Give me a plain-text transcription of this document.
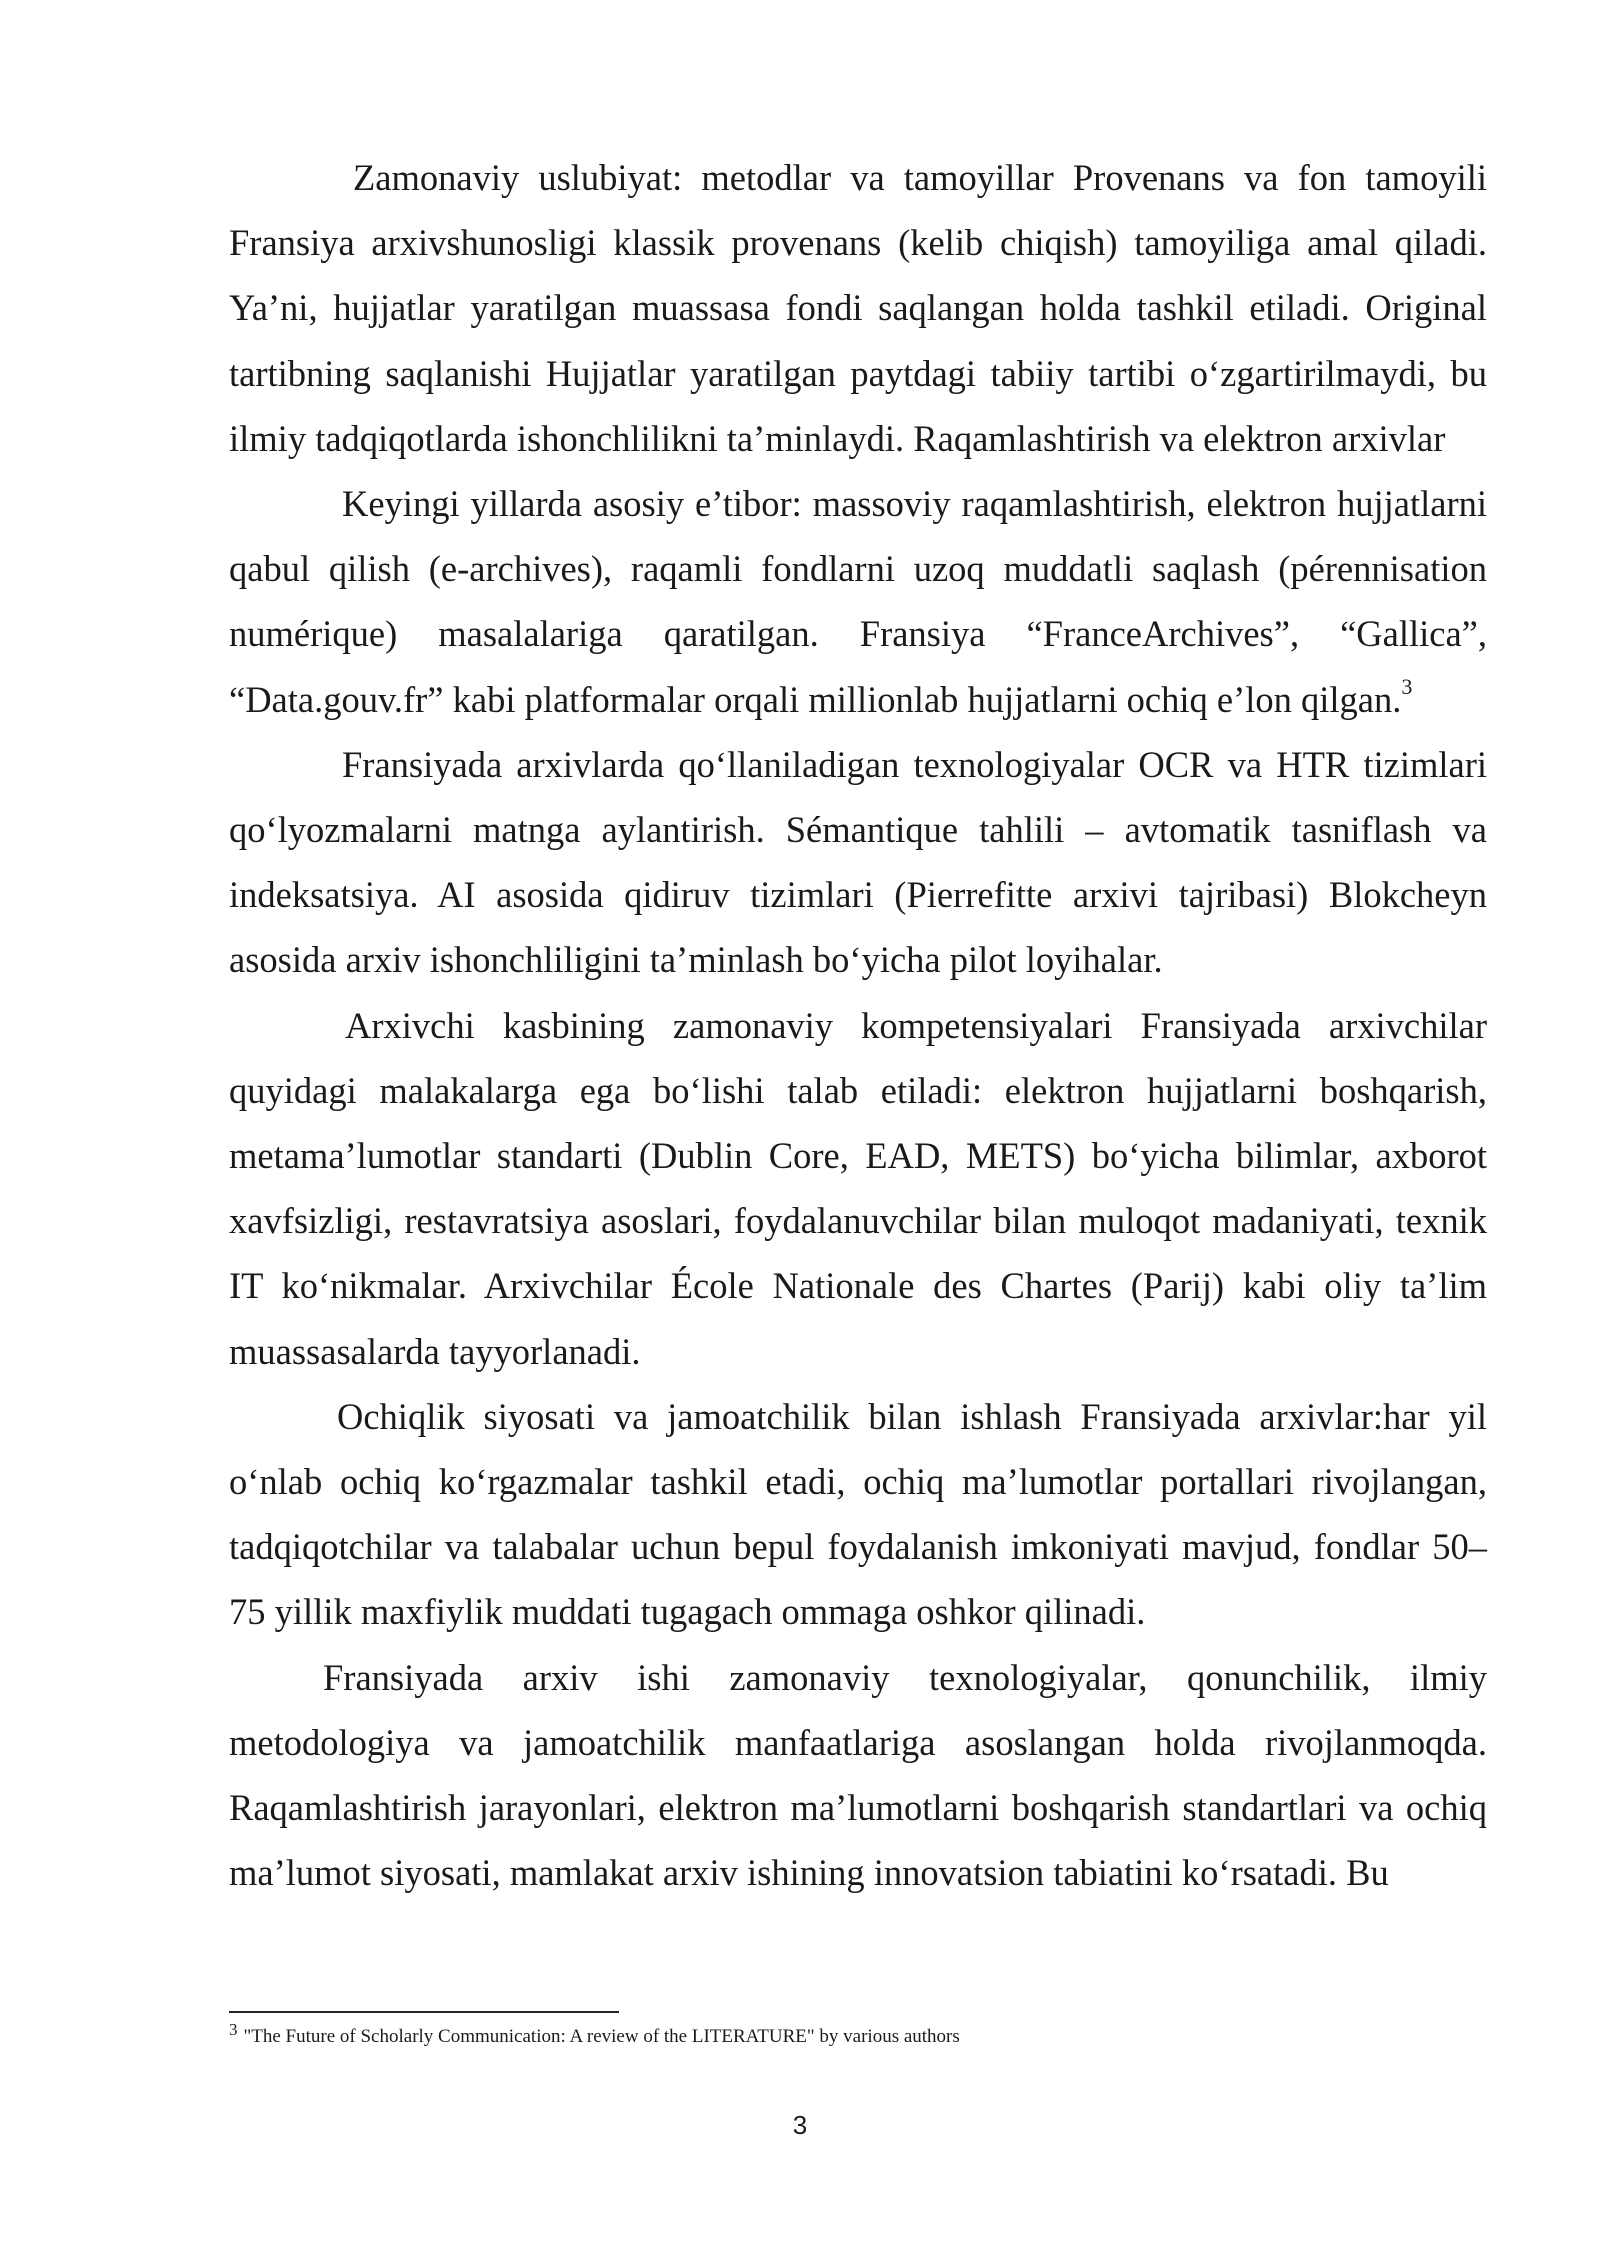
Zamonaviy uslubiyat: metodlar va tamoyillar Provenans va fon tamoyili Fransiya arxivshunosligi klassik provenans (kelib chiqish) tamoyiliga amal qiladi. Ya’ni, hujjatlar yaratilgan muassasa fondi saqlangan holda tashkil etiladi. Original tartibning saqlanishi Hujjatlar yaratilgan paytdagi tabiiy tartibi o‘zgartirilmaydi, bu ilmiy tadqiqotlarda ishonchlilikni ta’minlaydi. Raqamlashtirish va elektron arxivlar

Keyingi yillarda asosiy e’tibor: massoviy raqamlashtirish, elektron hujjatlarni qabul qilish (e-archives), raqamli fondlarni uzoq muddatli saqlash (pérennisation numérique) masalalariga qaratilgan. Fransiya “FranceArchives”, “Gallica”, “Data.gouv.fr” kabi platformalar orqali millionlab hujjatlarni ochiq e’lon qilgan.$^3$

Fransiyada arxivlarda qo‘llaniladigan texnologiyalar OCR va HTR tizimlari qo‘lyozmalarni matnga aylantirish. Sémantique tahlili – avtomatik tasniflash va indeksatsiya. AI asosida qidiruv tizimlari (Pierrefitte arxivi tajribasi) Blokcheyn asosida arxiv ishonchliligini ta’minlash bo‘yicha pilot loyihalar.

Arxivchi kasbining zamonaviy kompetensiyalari Fransiyada arxivchilar quyidagi malakalarga ega bo‘lishi talab etiladi: elektron hujjatlarni boshqarish, metama’lumotlar standarti (Dublin Core, EAD, METS) bo‘yicha bilimlar, axborot xavfsizligi, restavratsiya asoslari, foydalanuvchilar bilan muloqot madaniyati, texnik IT ko‘nikmalar. Arxivchilar École Nationale des Chartes (Parij) kabi oliy ta’lim muassasalarda tayyorlanadi.

Ochiqlik siyosati va jamoatchilik bilan ishlash Fransiyada arxivlar:har yil o‘nlab ochiq ko‘rgazmalar tashkil etadi, ochiq ma’lumotlar portallari rivojlangan, tadqiqotchilar va talabalar uchun bepul foydalanish imkoniyati mavjud, fondlar 50–75 yillik maxfiylik muddati tugagach ommaga oshkor qilinadi.

Fransiyada arxiv ishi zamonaviy texnologiyalar, qonunchilik, ilmiy metodologiya va jamoatchilik manfaatlariga asoslangan holda rivojlanmoqda. Raqamlashtirish jarayonlari, elektron ma’lumotlarni boshqarish standartlari va ochiq ma’lumot siyosati, mamlakat arxiv ishining innovatsion tabiatini ko‘rsatadi. Bu

3 "The Future of Scholarly Communication: A review of the LITERATURE" by various authors
3
